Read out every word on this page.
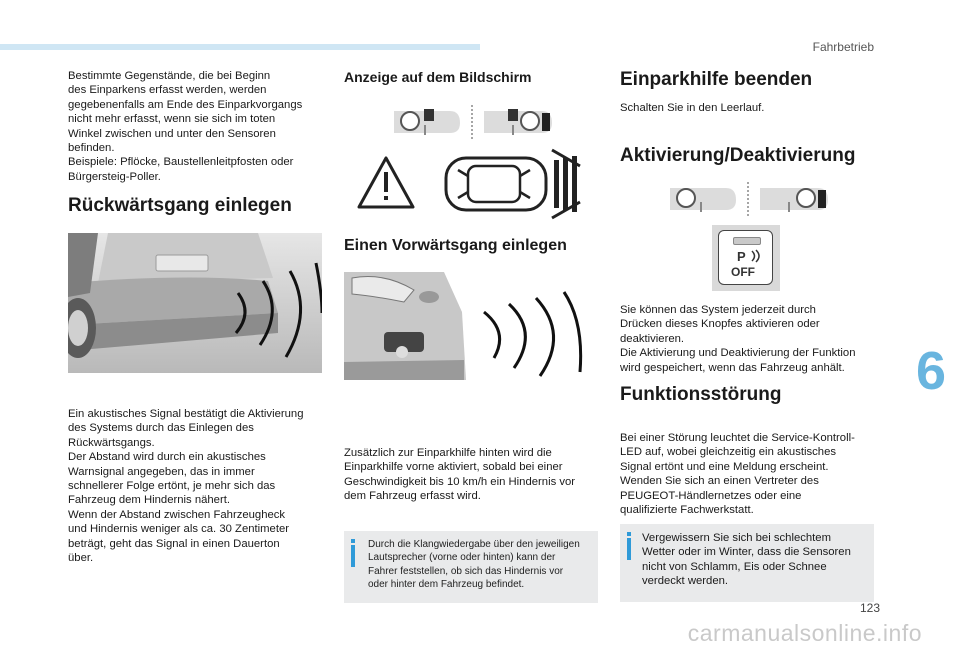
Fahrbetrieb
6

Bestimmte Gegenstände, die bei Beginn
des Einparkens erfasst werden, werden
gegebenenfalls am Ende des Einparkvorgangs
nicht mehr erfasst, wenn sie sich im toten
Winkel zwischen und unter den Sensoren
befinden.
Beispiele: Pflöcke, Baustellenleitpfosten oder
Bürgersteig-Poller.

Rückwärtsgang einlegen

Ein akustisches Signal bestätigt die Aktivierung
des Systems durch das Einlegen des
Rückwärtsgangs.
Der Abstand wird durch ein akustisches
Warnsignal angegeben, das in immer
schnellerer Folge ertönt, je mehr sich das
Fahrzeug dem Hindernis nähert.
Wenn der Abstand zwischen Fahrzeugheck
und Hindernis weniger als ca. 30 Zentimeter
beträgt, geht das Signal in einen Dauerton
über.

Anzeige auf dem Bildschirm
Einen Vorwärtsgang einlegen

Zusätzlich zur Einparkhilfe hinten wird die
Einparkhilfe vorne aktiviert, sobald bei einer
Geschwindigkeit bis 10 km/h ein Hindernis vor
dem Fahrzeug erfasst wird.

Durch die Klangwiedergabe über den jeweiligen
Lautsprecher (vorne oder hinten) kann der
Fahrer feststellen, ob sich das Hindernis vor
oder hinter dem Fahrzeug befindet.

Einparkhilfe beenden

Schalten Sie in den Leerlauf.

Aktivierung/Deaktivierung
P
OFF

Sie können das System jederzeit durch
Drücken dieses Knopfes aktivieren oder
deaktivieren.
Die Aktivierung und Deaktivierung der Funktion
wird gespeichert, wenn das Fahrzeug anhält.

Funktionsstörung

Bei einer Störung leuchtet die Service-Kontroll-
LED auf, wobei gleichzeitig ein akustisches
Signal ertönt und eine Meldung erscheint.
Wenden Sie sich an einen Vertreter des
PEUGEOT-Händlernetzes oder eine
qualifizierte Fachwerkstatt.

Vergewissern Sie sich bei schlechtem
Wetter oder im Winter, dass die Sensoren
nicht von Schlamm, Eis oder Schnee
verdeckt werden.

123
carmanualsonline.info
